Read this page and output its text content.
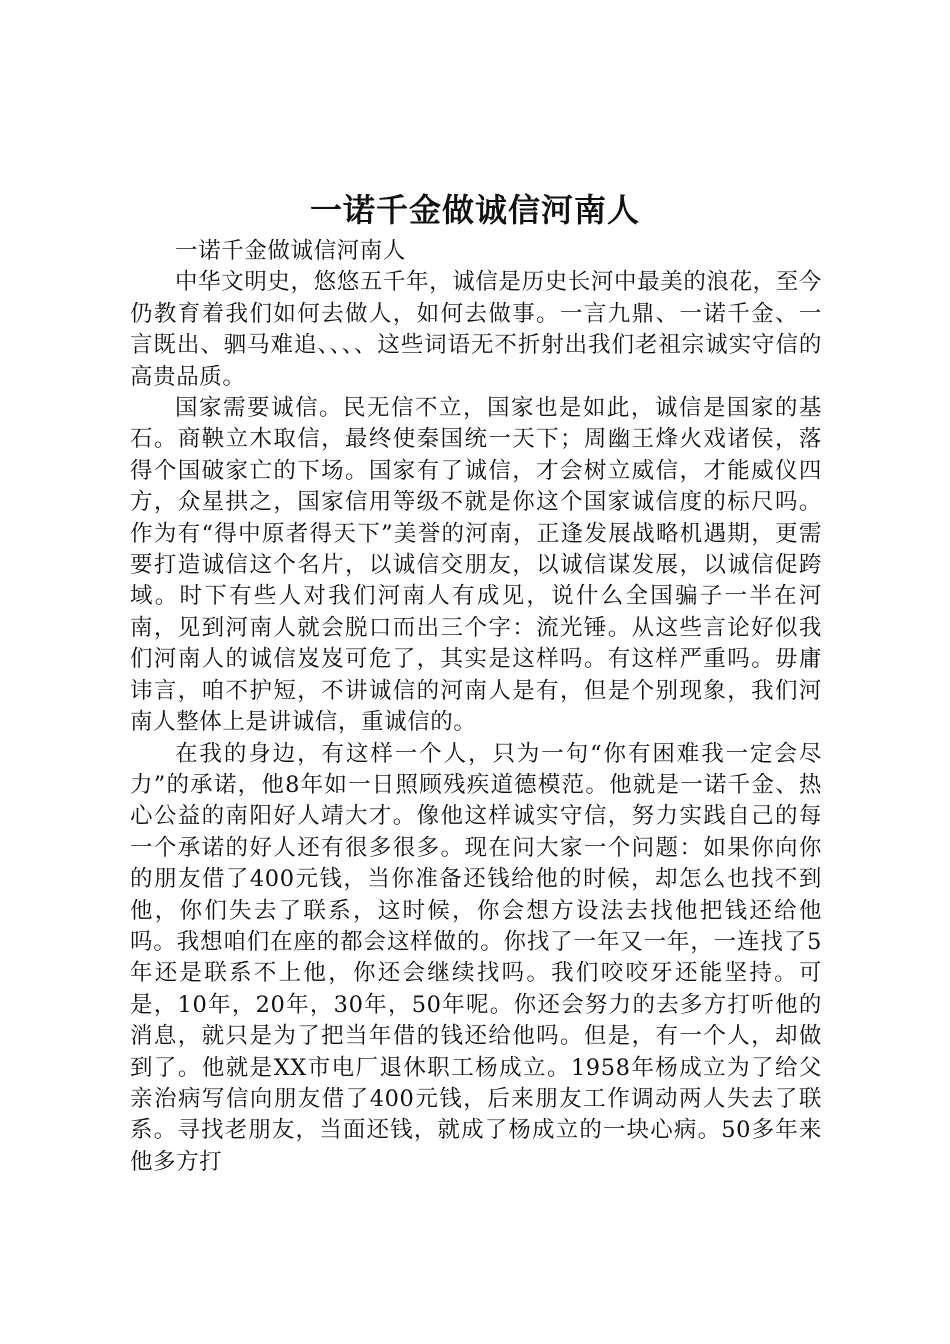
一诺千金做诚信河南人

一诺千金做诚信河南人

中华文明史，悠悠五千年，诚信是历史长河中最美的浪花，至今仍教育着我们如何去做人，如何去做事。一言九鼎、一诺千金、一言既出、驷马难追、、、、这些词语无不折射出我们老祖宗诚实守信的高贵品质。

国家需要诚信。民无信不立，国家也是如此，诚信是国家的基石。商鞅立木取信，最终使秦国统一天下；周幽王烽火戏诸侯，落得个国破家亡的下场。国家有了诚信，才会树立威信，才能威仪四方，众星拱之，国家信用等级不就是你这个国家诚信度的标尺吗。作为有“得中原者得天下”美誉的河南，正逢发展战略机遇期，更需要打造诚信这个名片，以诚信交朋友，以诚信谋发展，以诚信促跨域。时下有些人对我们河南人有成见，说什么全国骗子一半在河南，见到河南人就会脱口而出三个字：流光锤。从这些言论好似我们河南人的诚信岌岌可危了，其实是这样吗。有这样严重吗。毋庸讳言，咱不护短，不讲诚信的河南人是有，但是个别现象，我们河南人整体上是讲诚信，重诚信的。

在我的身边，有这样一个人，只为一句“你有困难我一定会尽力”的承诺，他8年如一日照顾残疾道德模范。他就是一诺千金、热心公益的南阳好人靖大才。像他这样诚实守信，努力实践自己的每一个承诺的好人还有很多很多。现在问大家一个问题：如果你向你的朋友借了400元钱，当你准备还钱给他的时候，却怎么也找不到他，你们失去了联系，这时候，你会想方设法去找他把钱还给他吗。我想咱们在座的都会这样做的。你找了一年又一年，一连找了5年还是联系不上他，你还会继续找吗。我们咬咬牙还能坚持。可是，10年，20年，30年，50年呢。你还会努力的去多方打听他的消息，就只是为了把当年借的钱还给他吗。但是，有一个人，却做到了。他就是XX市电厂退休职工杨成立。1958年杨成立为了给父亲治病写信向朋友借了400元钱，后来朋友工作调动两人失去了联系。寻找老朋友，当面还钱，就成了杨成立的一块心病。50多年来他多方打
